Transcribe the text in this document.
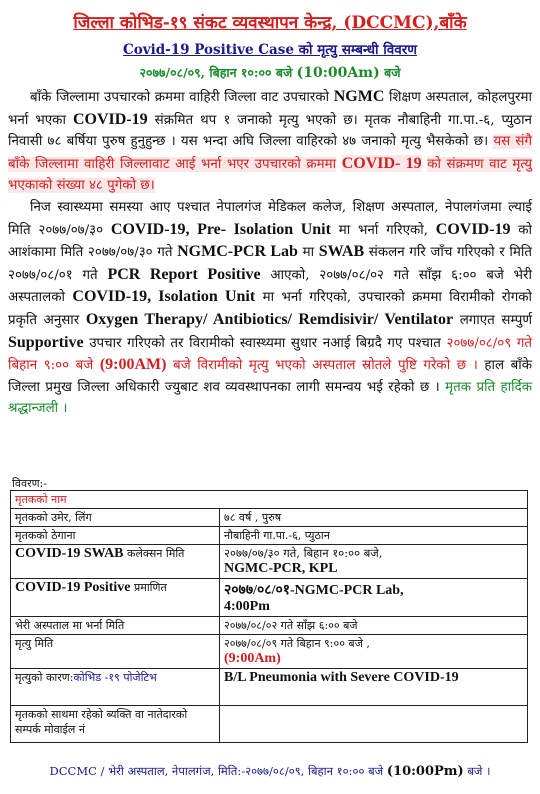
जिल्ला कोभिड-१९ संकट व्यवस्थापन केन्द्र, (DCCMC),बाँके
Covid-19 Positive Case को मृत्यु सम्बन्धी विवरण
२०७७/०८/०९, बिहान १०:०० बजे (10:00Am) बजे

बाँके जिल्लामा उपचारको क्रममा वाहिरी जिल्ला वाट उपचारको NGMC शिक्षण अस्पताल, कोहलपुरमा भर्ना भएका COVID-19 संक्रमित थप १ जनाको मृत्यु भएको छ। मृतक नौबाहिनी गा.पा.-६, प्युठान निवासी ७८ बर्षिया पुरुष हुनुहुन्छ । यस भन्दा अघि जिल्ला वाहिरको ४७ जनाको मृत्यु भैसकेको छ। यस संगै बाँके जिल्लामा वाहिरी जिल्लावाट आई भर्ना भएर उपचारको क्रममा COVID- 19 को संक्रमण वाट मृत्यु भएकाको संख्या ४८ पुगेको छ।

निज स्वास्थ्यमा समस्या आए पश्चात नेपालगंज मेडिकल कलेज, शिक्षण अस्पताल, नेपालगंजमा ल्याई मिति २०७७/०७/३० COVID-19, Pre- Isolation Unit मा भर्ना गरिएको, COVID-19 को आशंकामा मिति २०७७/०७/३० गते NGMC-PCR Lab मा SWAB संकलन गरि जाँच गरिएको र मिति २०७७/०८/०१ गते PCR Report Positive आएको, २०७७/०८/०२ गते साँझ ६:०० बजे भेरी अस्पतालको COVID-19, Isolation Unit मा भर्ना गरिएको, उपचारको क्रममा विरामीको रोगको प्रकृति अनुसार Oxygen Therapy/ Antibiotics/ Remdisivir/ Ventilator लगाएत सम्पुर्ण Supportive उपचार गरिएको तर विरामीको स्वास्थ्यमा सुधार नआई बिग्रदै गए पश्चात २०७७/०८/०९ गते बिहान ९:०० बजे (9:00AM) बजे विरामीको मृत्यु भएको अस्पताल स्रोतले पुष्टि गरेको छ । हाल बाँके जिल्ला प्रमुख जिल्ला अधिकारी ज्युबाट शव व्यवस्थापनका लागी समन्वय भई रहेको छ । मृतक प्रति हार्दिक श्रद्धान्जली ।

विवरण:-
मृतकको नाम	
मृतकको उमेर, लिंग	७८ वर्ष , पुरुष
मृतकको ठेगाना	नौबाहिनी गा.पा.-६, प्युठान
COVID-19 SWAB कलेक्सन मिति	२०७७/०७/३० गते, बिहान १०:०० बजे,
NGMC-PCR, KPL
COVID-19 Positive प्रमाणित	२०७७/०८/०१-NGMC-PCR Lab,
4:00Pm
भेरी अस्पताल मा भर्ना मिति	२०७७/०८/०२ गते साँझ ६:०० बजे
मृत्यु मिति	२०७७/०८/०९ गते बिहान ९:०० बजे ,
(9:00Am)
मृत्युको कारण:कोभिड -१९ पोजेटिभ	B/L Pneumonia with Severe COVID-19
मृतकको साथमा रहेको ब्यक्ति वा नातेदारको सम्पर्क मोवाईल नं	
DCCMC / भेरी अस्पताल, नेपालगंज, मिति:-२०७७/०८/०९, बिहान १०:०० बजे (10:00Pm) बजे ।
